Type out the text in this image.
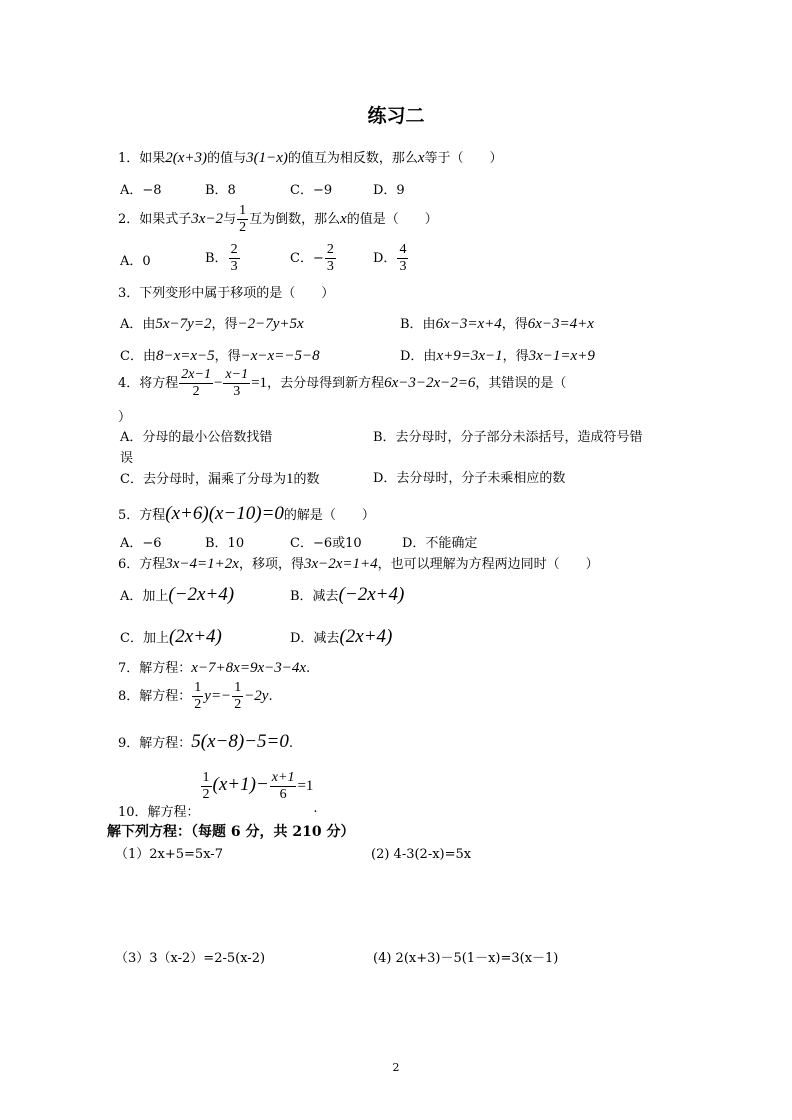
练习二
1．如果2(x+3)的值与3(1−x)的值互为相反数，那么x等于（　　）
A．−8	B．8	C．−9	D．9
2．如果式子3x−2与 $\frac{1}{2}$ 互为倒数，那么x的值是（　　）
A．0	B． $\frac{2}{3}$	C．− $\frac{2}{3}$	D． $\frac{4}{3}$
3．下列变形中属于移项的是（　　）
A．由5x−7y=2，得−2−7y+5x	B．由6x−3=x+4，得6x−3=4+x
C．由8−x=x−5，得−x−x=−5−8	D．由x+9=3x−1，得3x−1=x+9
4．将方程 $\frac{2x-1}{2} - \frac{x-1}{3} =1$，去分母得到新方程6x−3−2x−2=6，其错误的是（
）
A．分母的最小公倍数找错	B．去分母时，分子部分未添括号，造成符号错
误
C．去分母时，漏乘了分母为1的数	D．去分母时，分子未乘相应的数
5．方程(x+6)(x−10)=0的解是（　　）
A．−6	B．10	C．−6或10	D．不能确定
6．方程3x−4=1+2x，移项，得3x−2x=1+4，也可以理解为方程两边同时（　　）
A．加上(−2x+4)	B．减去(−2x+4)
C．加上(2x+4)	D．减去(2x+4)
7．解方程：x−7+8x=9x−3−4x.
8．解方程： $\frac{1}{2} y=- \frac{1}{2} -2y$.
9．解方程：5(x−8)−5=0.
10．解方程：
$\frac{1}{2} (x+1)- \frac{x+1}{6} =1$.
解下列方程：（每题 6 分，共 210 分）
（1）2x+5=5x-7	(2) 4-3(2-x)=5x
（3）3（x-2）=2-5(x-2)	(4) 2(x+3)－5(1－x)=3(x－1)
2
